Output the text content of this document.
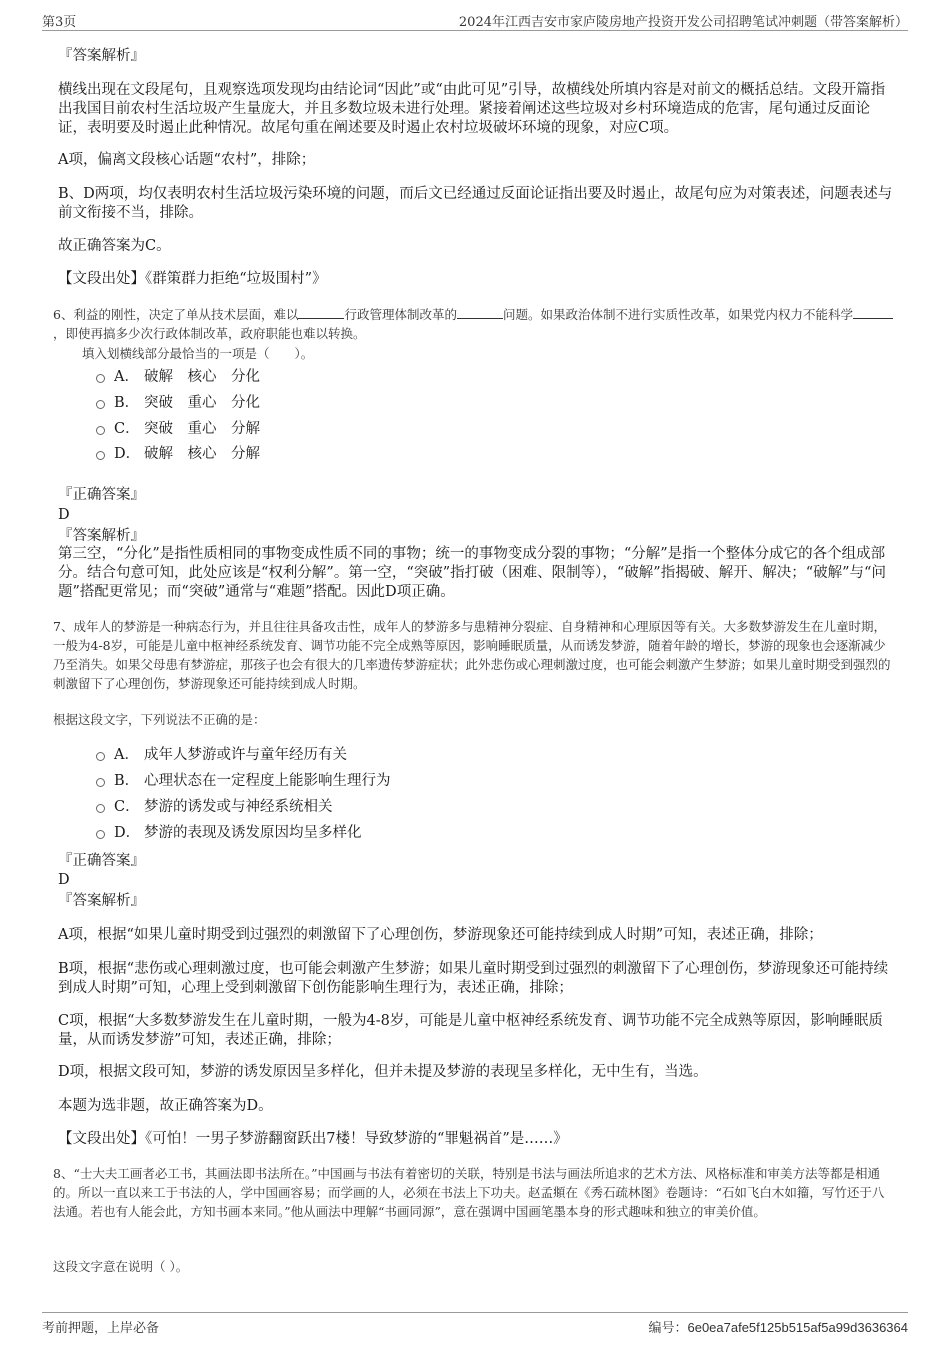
第3页	2024年江西吉安市家庐陵房地产投资开发公司招聘笔试冲刺题（带答案解析）

『答案解析』

横线出现在文段尾句，且观察选项发现均由结论词“因此”或“由此可见”引导，故横线处所填内容是对前文的概括总结。文段开篇指出我国目前农村生活垃圾产生量庞大，并且多数垃圾未进行处理。紧接着阐述这些垃圾对乡村环境造成的危害，尾句通过反面论证，表明要及时遏止此种情况。故尾句重在阐述要及时遏止农村垃圾破坏环境的现象，对应C项。

A项，偏离文段核心话题“农村”，排除；

B、D两项，均仅表明农村生活垃圾污染环境的问题，而后文已经通过反面论证指出要及时遏止，故尾句应为对策表述，问题表述与前文衔接不当，排除。

故正确答案为C。

【文段出处】《群策群力拒绝“垃圾围村”》

6、利益的刚性，决定了单从技术层面，难以	行政管理体制改革的	问题。如果政治体制不进行实质性改革，如果党内权力不能科学，即使再搞多少次行政体制改革，政府职能也难以转换。

填入划横线部分最恰当的一项是（　　）。

A． 破解　核心　分化
B． 突破　重心　分化
C． 突破　重心　分解
D． 破解　核心　分解

『正确答案』

D

『答案解析』

第三空，“分化”是指性质相同的事物变成性质不同的事物；统一的事物变成分裂的事物；“分解”是指一个整体分成它的各个组成部分。结合句意可知，此处应该是“权利分解”。第一空，“突破”指打破（困难、限制等），“破解”指揭破、解开、解决；“破解”与“问题”搭配更常见；而“突破”通常与“难题”搭配。因此D项正确。

7、成年人的梦游是一种病态行为，并且往往具备攻击性，成年人的梦游多与患精神分裂症、自身精神和心理原因等有关。大多数梦游发生在儿童时期，一般为4-8岁，可能是儿童中枢神经系统发育、调节功能不完全成熟等原因，影响睡眠质量，从而诱发梦游，随着年龄的增长，梦游的现象也会逐渐减少乃至消失。如果父母患有梦游症，那孩子也会有很大的几率遗传梦游症状；此外悲伤或心理刺激过度，也可能会刺激产生梦游；如果儿童时期受到强烈的刺激留下了心理创伤，梦游现象还可能持续到成人时期。

根据这段文字，下列说法不正确的是：

A． 成年人梦游或许与童年经历有关
B． 心理状态在一定程度上能影响生理行为
C． 梦游的诱发或与神经系统相关
D． 梦游的表现及诱发原因均呈多样化

『正确答案』

D

『答案解析』

A项，根据“如果儿童时期受到过强烈的刺激留下了心理创伤，梦游现象还可能持续到成人时期”可知，表述正确，排除；

B项，根据“悲伤或心理刺激过度，也可能会刺激产生梦游；如果儿童时期受到过强烈的刺激留下了心理创伤，梦游现象还可能持续到成人时期”可知，心理上受到刺激留下创伤能影响生理行为，表述正确，排除；

C项，根据“大多数梦游发生在儿童时期，一般为4-8岁，可能是儿童中枢神经系统发育、调节功能不完全成熟等原因，影响睡眠质量，从而诱发梦游”可知，表述正确，排除；

D项，根据文段可知，梦游的诱发原因呈多样化，但并未提及梦游的表现呈多样化，无中生有，当选。

本题为选非题，故正确答案为D。

【文段出处】《可怕！一男子梦游翻窗跃出7楼！导致梦游的“罪魁祸首”是……》

8、“士大夫工画者必工书，其画法即书法所在。”中国画与书法有着密切的关联，特别是书法与画法所追求的艺术方法、风格标准和审美方法等都是相通的。所以一直以来工于书法的人，学中国画容易；而学画的人，必须在书法上下功夫。赵孟頫在《秀石疏林图》卷题诗：“石如飞白木如籀，写竹还于八法通。若也有人能会此，方知书画本来同。”他从画法中理解“书画同源”，意在强调中国画笔墨本身的形式趣味和独立的审美价值。

这段文字意在说明（ ）。

考前押题，上岸必备	编号：6e0ea7afe5f125b515af5a99d3636364
